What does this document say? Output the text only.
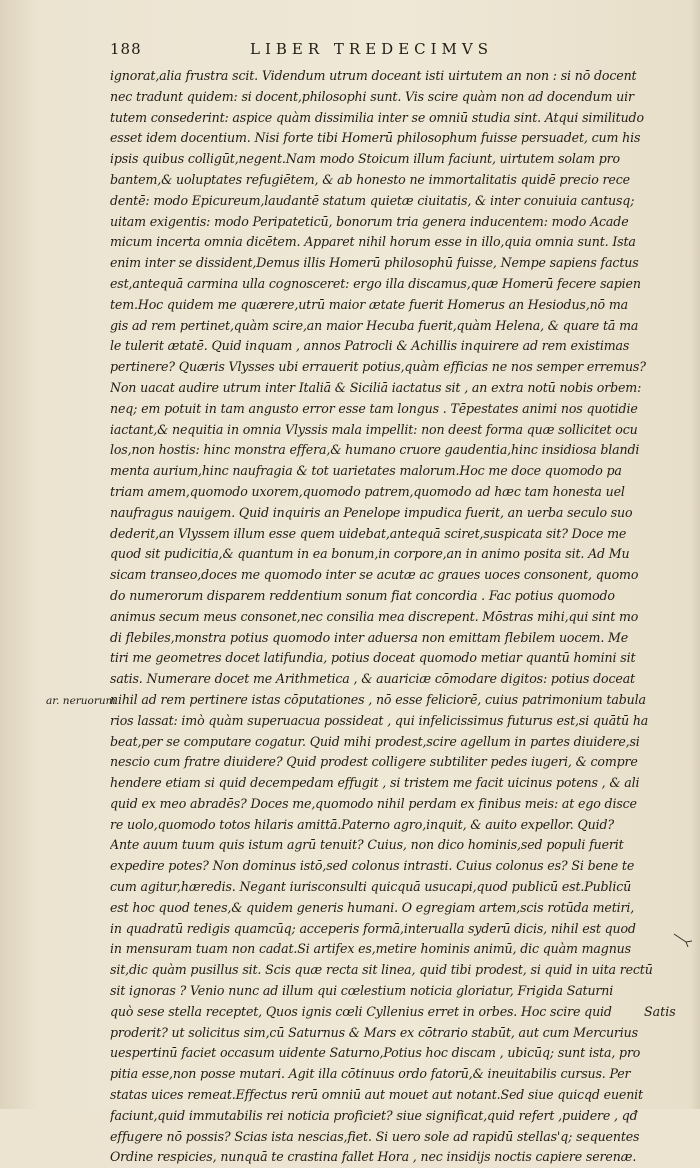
188	LIBER TREDECIMVS
ignorat,alia frustra scit. Videndum utrum doceant isti uirtutem an non : si nō docent
nec tradunt quidem: si docent,philosophi sunt. Vis scire quàm non ad docendum uir
tutem consederint: aspice quàm dissimilia inter se omniū studia sint. Atqui similitudo
esset idem docentium. Nisi forte tibi Homerū philosophum fuisse persuadet, cum his
ipsis quibus colligūt,negent.Nam modo Stoicum illum faciunt, uirtutem solam pro
bantem,& uoluptates refugiētem, & ab honesto ne immortalitatis quidē precio rece
dentē: modo Epicureum,laudantē statum quietæ ciuitatis, & inter conuiuia cantusq;
uitam exigentis: modo Peripateticū, bonorum tria genera inducentem: modo Acade
micum incerta omnia dicētem. Apparet nihil horum esse in illo,quia omnia sunt. Ista
enim inter se dissident,Demus illis Homerū philosophū fuisse, Nempe sapiens factus
est,antequā carmina ulla cognosceret: ergo illa discamus,quæ Homerū fecere sapien
tem.Hoc quidem me quærere,utrū maior ætate fuerit Homerus an Hesiodus,nō ma
gis ad rem pertinet,quàm scire,an maior Hecuba fuerit,quàm Helena, & quare tā ma
le tulerit ætatē. Quid inquam , annos Patrocli & Achillis inquirere ad rem existimas
pertinere? Quæris Vlysses ubi errauerit potius,quàm efficias ne nos semper erremus?
Non uacat audire utrum inter Italiā & Siciliā iactatus sit , an extra notū nobis orbem:
neq; em potuit in tam angusto error esse tam longus . Tēpestates animi nos quotidie
iactant,& nequitia in omnia Vlyssis mala impellit: non deest forma quæ sollicitet ocu
los,non hostis: hinc monstra effera,& humano cruore gaudentia,hinc insidiosa blandi
menta aurium,hinc naufragia & tot uarietates malorum.Hoc me doce quomodo pa
triam amem,quomodo uxorem,quomodo patrem,quomodo ad hæc tam honesta uel
naufragus nauigem. Quid inquiris an Penelope impudica fuerit, an uerba seculo suo
dederit,an Vlyssem illum esse quem uidebat,antequā sciret,suspicata sit? Doce me
quod sit pudicitia,& quantum in ea bonum,in corpore,an in animo posita sit. Ad Mu
sicam transeo,doces me quomodo inter se acutæ ac graues uoces consonent, quomo
do numerorum disparem reddentium sonum fiat concordia . Fac potius quomodo
animus secum meus consonet,nec consilia mea discrepent. Mōstras mihi,qui sint mo
di flebiles,monstra potius quomodo inter aduersa non emittam flebilem uocem. Me
tiri me geometres docet latifundia, potius doceat quomodo metiar quantū homini sit
satis. Numerare docet me Arithmetica , & auariciæ cōmodare digitos: potius doceat
nihil ad rem pertinere istas cōputationes , nō esse feliciorē, cuius patrimonium tabula
rios lassat: imò quàm superuacua possideat , qui infelicissimus futurus est,si quātū ha
beat,per se computare cogatur. Quid mihi prodest,scire agellum in partes diuidere,si
nescio cum fratre diuidere? Quid prodest colligere subtiliter pedes iugeri, & compre
hendere etiam si quid decempedam effugit , si tristem me facit uicinus potens , & ali
quid ex meo abradēs? Doces me,quomodo nihil perdam ex finibus meis: at ego disce
re uolo,quomodo totos hilaris amittā.Paterno agro,inquit, & auito expellor. Quid?
Ante auum tuum quis istum agrū tenuit? Cuius, non dico hominis,sed populi fuerit
expedire potes? Non dominus istō,sed colonus intrasti. Cuius colonus es? Si bene te
cum agitur,hæredis. Negant iurisconsulti quicquā usucapi,quod publicū est.Publicū
est hoc quod tenes,& quidem generis humani. O egregiam artem,scis rotūda metiri,
in quadratū redigis quamcūq; acceperis formā,interualla syderū dicis, nihil est quod
in mensuram tuam non cadat.Si artifex es,metire hominis animū, dic quàm magnus
sit,dic quàm pusillus sit. Scis quæ recta sit linea, quid tibi prodest, si quid in uita rectū
sit ignoras ? Venio nunc ad illum qui cœlestium noticia gloriatur, Frigida Saturni
quò sese stella receptet, Quos ignis cœli Cyllenius erret in orbes. Hoc scire quid
proderit? ut solicitus sim,cū Saturnus & Mars ex cōtrario stabūt, aut cum Mercurius
uespertinū faciet occasum uidente Saturno,Potius hoc discam , ubicūq; sunt ista, pro
pitia esse,non posse mutari. Agit illa cōtinuus ordo fatorū,& ineuitabilis cursus. Per
statas uices remeat.Effectus rerū omniū aut mouet aut notant.Sed siue quicqd euenit
faciunt,quid immutabilis rei noticia proficiet? siue significat,quid refert ,puidere , qđ
effugere nō possis? Scias ista nescias,fiet. Si uero sole ad rapidū stellas'q; sequentes
Ordine respicies, nunquā te crastina fallet Hora , nec insidijs noctis capiere serenæ.
ar. neruorum
Satis
